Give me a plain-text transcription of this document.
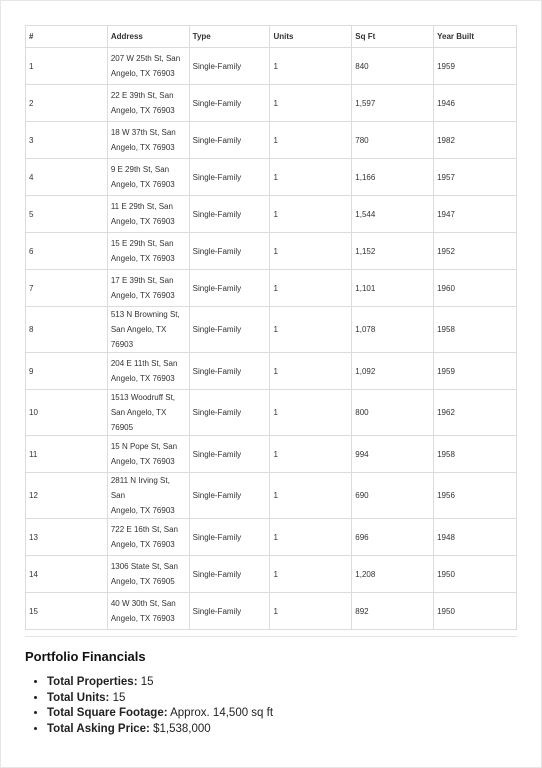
#	Address	Type	Units	Sq Ft	Year Built
1	207 W 25th St, San
Angelo, TX 76903	Single-Family	1	840	1959
2	22 E 39th St, San
Angelo, TX 76903	Single-Family	1	1,597	1946
3	18 W 37th St, San
Angelo, TX 76903	Single-Family	1	780	1982
4	9 E 29th St, San
Angelo, TX 76903	Single-Family	1	1,166	1957
5	11 E 29th St, San
Angelo, TX 76903	Single-Family	1	1,544	1947
6	15 E 29th St, San
Angelo, TX 76903	Single-Family	1	1,152	1952
7	17 E 39th St, San
Angelo, TX 76903	Single-Family	1	1,101	1960
8	513 N Browning St,
San Angelo, TX 76903	Single-Family	1	1,078	1958
9	204 E 11th St, San
Angelo, TX 76903	Single-Family	1	1,092	1959
10	1513 Woodruff St,
San Angelo, TX 76905	Single-Family	1	800	1962
11	15 N Pope St, San
Angelo, TX 76903	Single-Family	1	994	1958
12	2811 N Irving St, San
Angelo, TX 76903	Single-Family	1	690	1956
13	722 E 16th St, San
Angelo, TX 76903	Single-Family	1	696	1948
14	1306 State St, San
Angelo, TX 76905	Single-Family	1	1,208	1950
15	40 W 30th St, San
Angelo, TX 76903	Single-Family	1	892	1950
Portfolio Financials
• Total Properties: 15
• Total Units: 15
• Total Square Footage: Approx. 14,500 sq ft
• Total Asking Price: $1,538,000
